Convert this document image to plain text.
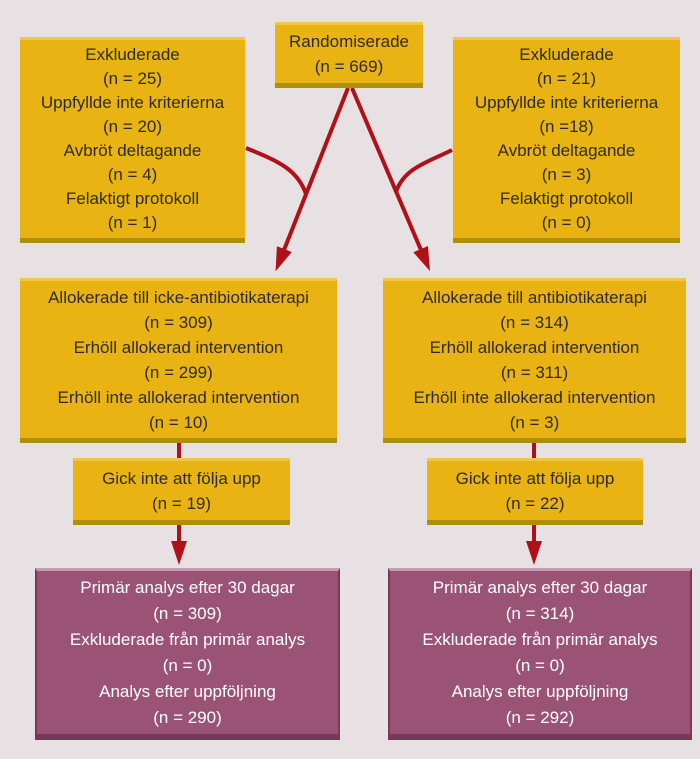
Randomiserade
(n = 669)
Exkluderade
(n = 25)
Uppfyllde inte kriterierna
(n = 20)
Avbröt deltagande
(n = 4)
Felaktigt protokoll
(n = 1)
Exkluderade
(n = 21)
Uppfyllde inte kriterierna
(n =18)
Avbröt deltagande
(n = 3)
Felaktigt protokoll
(n = 0)
Allokerade till icke-antibiotikaterapi
(n = 309)
Erhöll allokerad intervention
(n = 299)
Erhöll inte allokerad intervention
(n = 10)
Allokerade till antibiotikaterapi
(n = 314)
Erhöll allokerad intervention
(n = 311)
Erhöll inte allokerad intervention
(n = 3)
Gick inte att följa upp
(n = 19)
Gick inte att följa upp
(n = 22)
Primär analys efter 30 dagar
(n = 309)
Exkluderade från primär analys
(n = 0)
Analys efter uppföljning
(n = 290)
Primär analys efter 30 dagar
(n = 314)
Exkluderade från primär analys
(n = 0)
Analys efter uppföljning
(n = 292)
